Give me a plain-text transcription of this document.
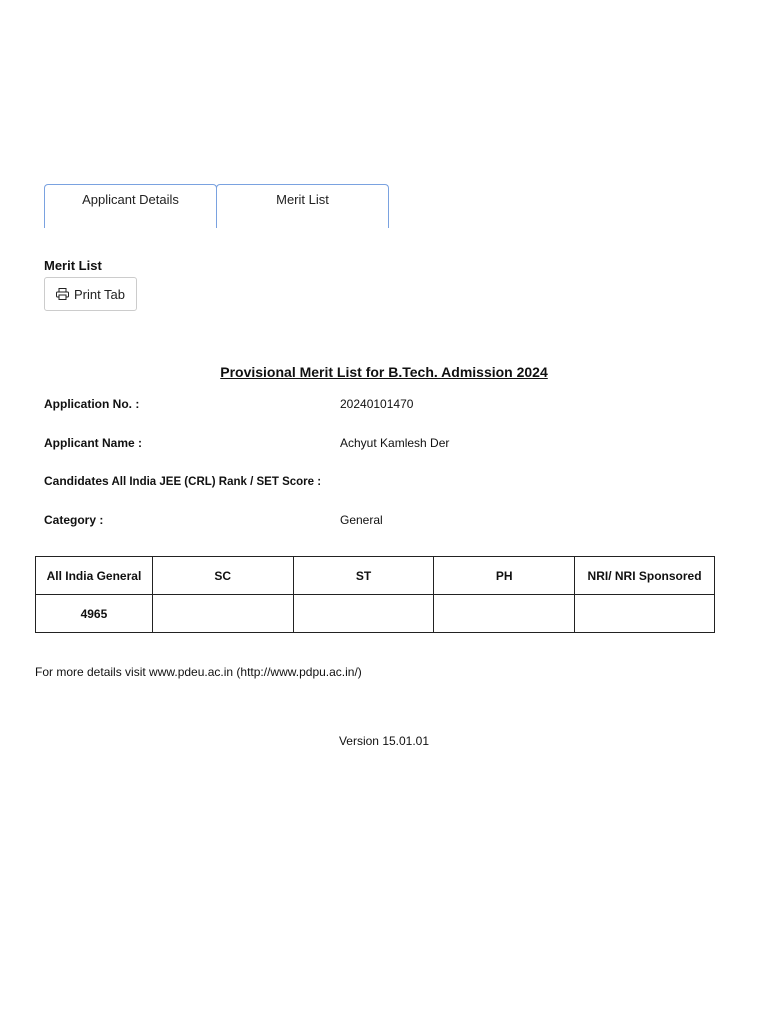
Applicant Details	Merit List
Merit List
Print Tab
Provisional Merit List for B.Tech. Admission 2024
Application No. :	20240101470
Applicant Name :	Achyut Kamlesh Der
Candidates All India JEE (CRL) Rank / SET Score :
Category :	General
All India General	SC	ST	PH	NRI/ NRI Sponsored
4965				
For more details visit www.pdeu.ac.in (http://www.pdpu.ac.in/)
Version 15.01.01
